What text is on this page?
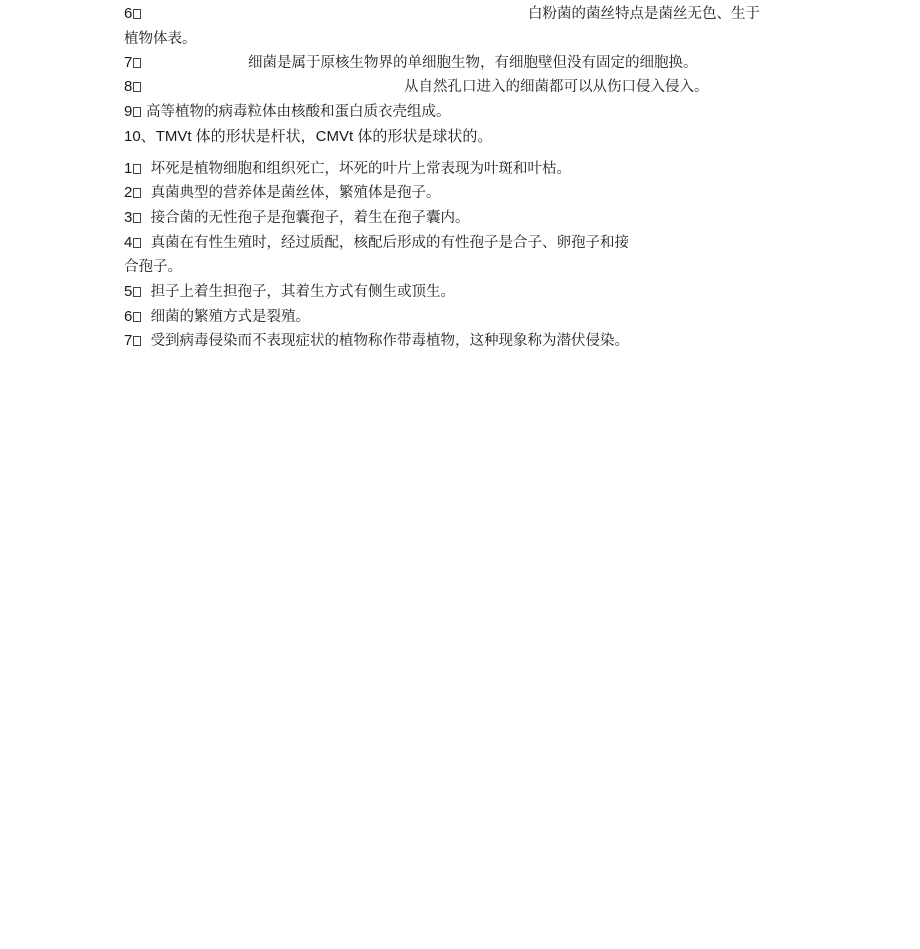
6	白粉菌的菌丝特点是菌丝无色、生于
植物体表。
7	细菌是属于原核生物界的单细胞生物，有细胞壁但没有固定的细胞换。
8	从自然孔口进入的细菌都可以从伤口侵入侵入。
9 高等植物的病毒粒体由核酸和蛋白质衣壳组成。
10、TMVt 体的形状是杆状，CMVt 体的形状是球状的。
1 坏死是植物细胞和组织死亡，坏死的叶片上常表现为叶斑和叶枯。
2 真菌典型的营养体是菌丝体，繁殖体是孢子。
3 接合菌的无性孢子是孢囊孢子，着生在孢子囊内。
4 真菌在有性生殖时，经过质配，核配后形成的有性孢子是合子、卵孢子和接
合孢子。
5 担子上着生担孢子，其着生方式有侧生或顶生。
6 细菌的繁殖方式是裂殖。
7 受到病毒侵染而不表现症状的植物称作带毒植物，这种现象称为潜伏侵染。
